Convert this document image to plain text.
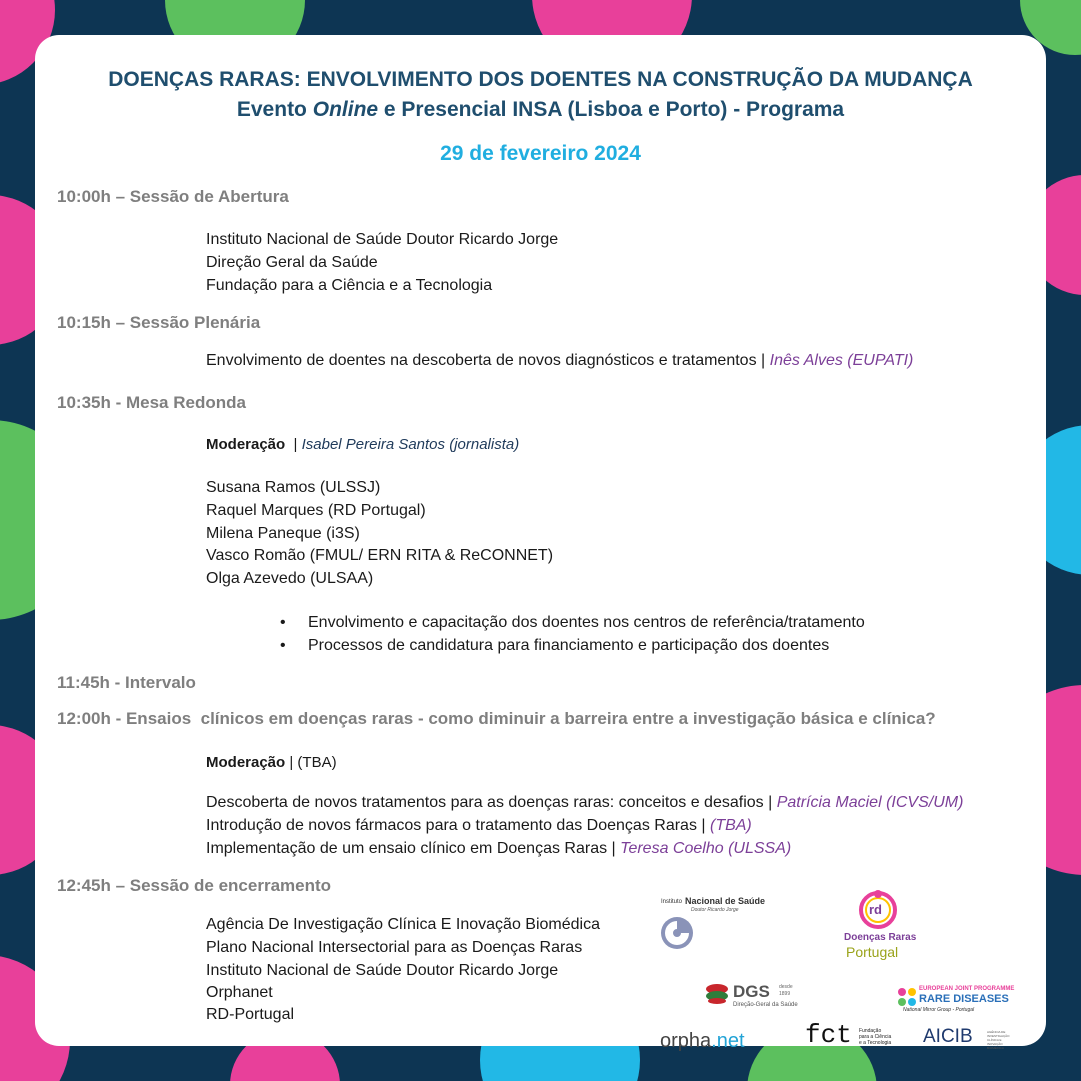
DOENÇAS RARAS: ENVOLVIMENTO DOS DOENTES NA CONSTRUÇÃO DA MUDANÇA
Evento Online e Presencial INSA (Lisboa e Porto) - Programa
29 de fevereiro 2024
10:00h – Sessão de Abertura
Instituto Nacional de Saúde Doutor Ricardo Jorge
Direção Geral da Saúde
Fundação para a Ciência e a Tecnologia
10:15h – Sessão Plenária
Envolvimento de doentes na descoberta de novos diagnósticos e tratamentos | Inês Alves (EUPATI)
10:35h - Mesa Redonda
Moderação  | Isabel Pereira Santos (jornalista)
Susana Ramos (ULSSJ)
Raquel Marques (RD Portugal)
Milena Paneque (i3S)
Vasco Romão (FMUL/ ERN RITA & ReCONNET)
Olga Azevedo (ULSAA)
• Envolvimento e capacitação dos doentes nos centros de referência/tratamento
• Processos de candidatura para financiamento e participação dos doentes
11:45h - Intervalo
12:00h - Ensaios  clínicos em doenças raras - como diminuir a barreira entre a investigação básica e clínica?
Moderação | (TBA)
Descoberta de novos tratamentos para as doenças raras: conceitos e desafios | Patrícia Maciel (ICVS/UM)
Introdução de novos fármacos para o tratamento das Doenças Raras | (TBA)
Implementação de um ensaio clínico em Doenças Raras | Teresa Coelho (ULSSA)
12:45h – Sessão de encerramento
Agência De Investigação Clínica E Inovação Biomédica
Plano Nacional Intersectorial para as Doenças Raras
Instituto Nacional de Saúde Doutor Ricardo Jorge
Orphanet
RD-Portugal
Instituto Nacional de Saúde
Doutor Ricardo Jorge	rd
Doenças Raras
Portugal
DGS desde
1899
Direção-Geral da Saúde
EUROPEAN JOINT PROGRAMME
RARE DISEASES
National Mirror Group - Portugal
orpha.net fct Fundação
para a Ciência
e a Tecnologia AICIB	AGÊNCIA DE INVESTIGAÇÃO CLÍNICA E INOVAÇÃO BIOMÉDICA
